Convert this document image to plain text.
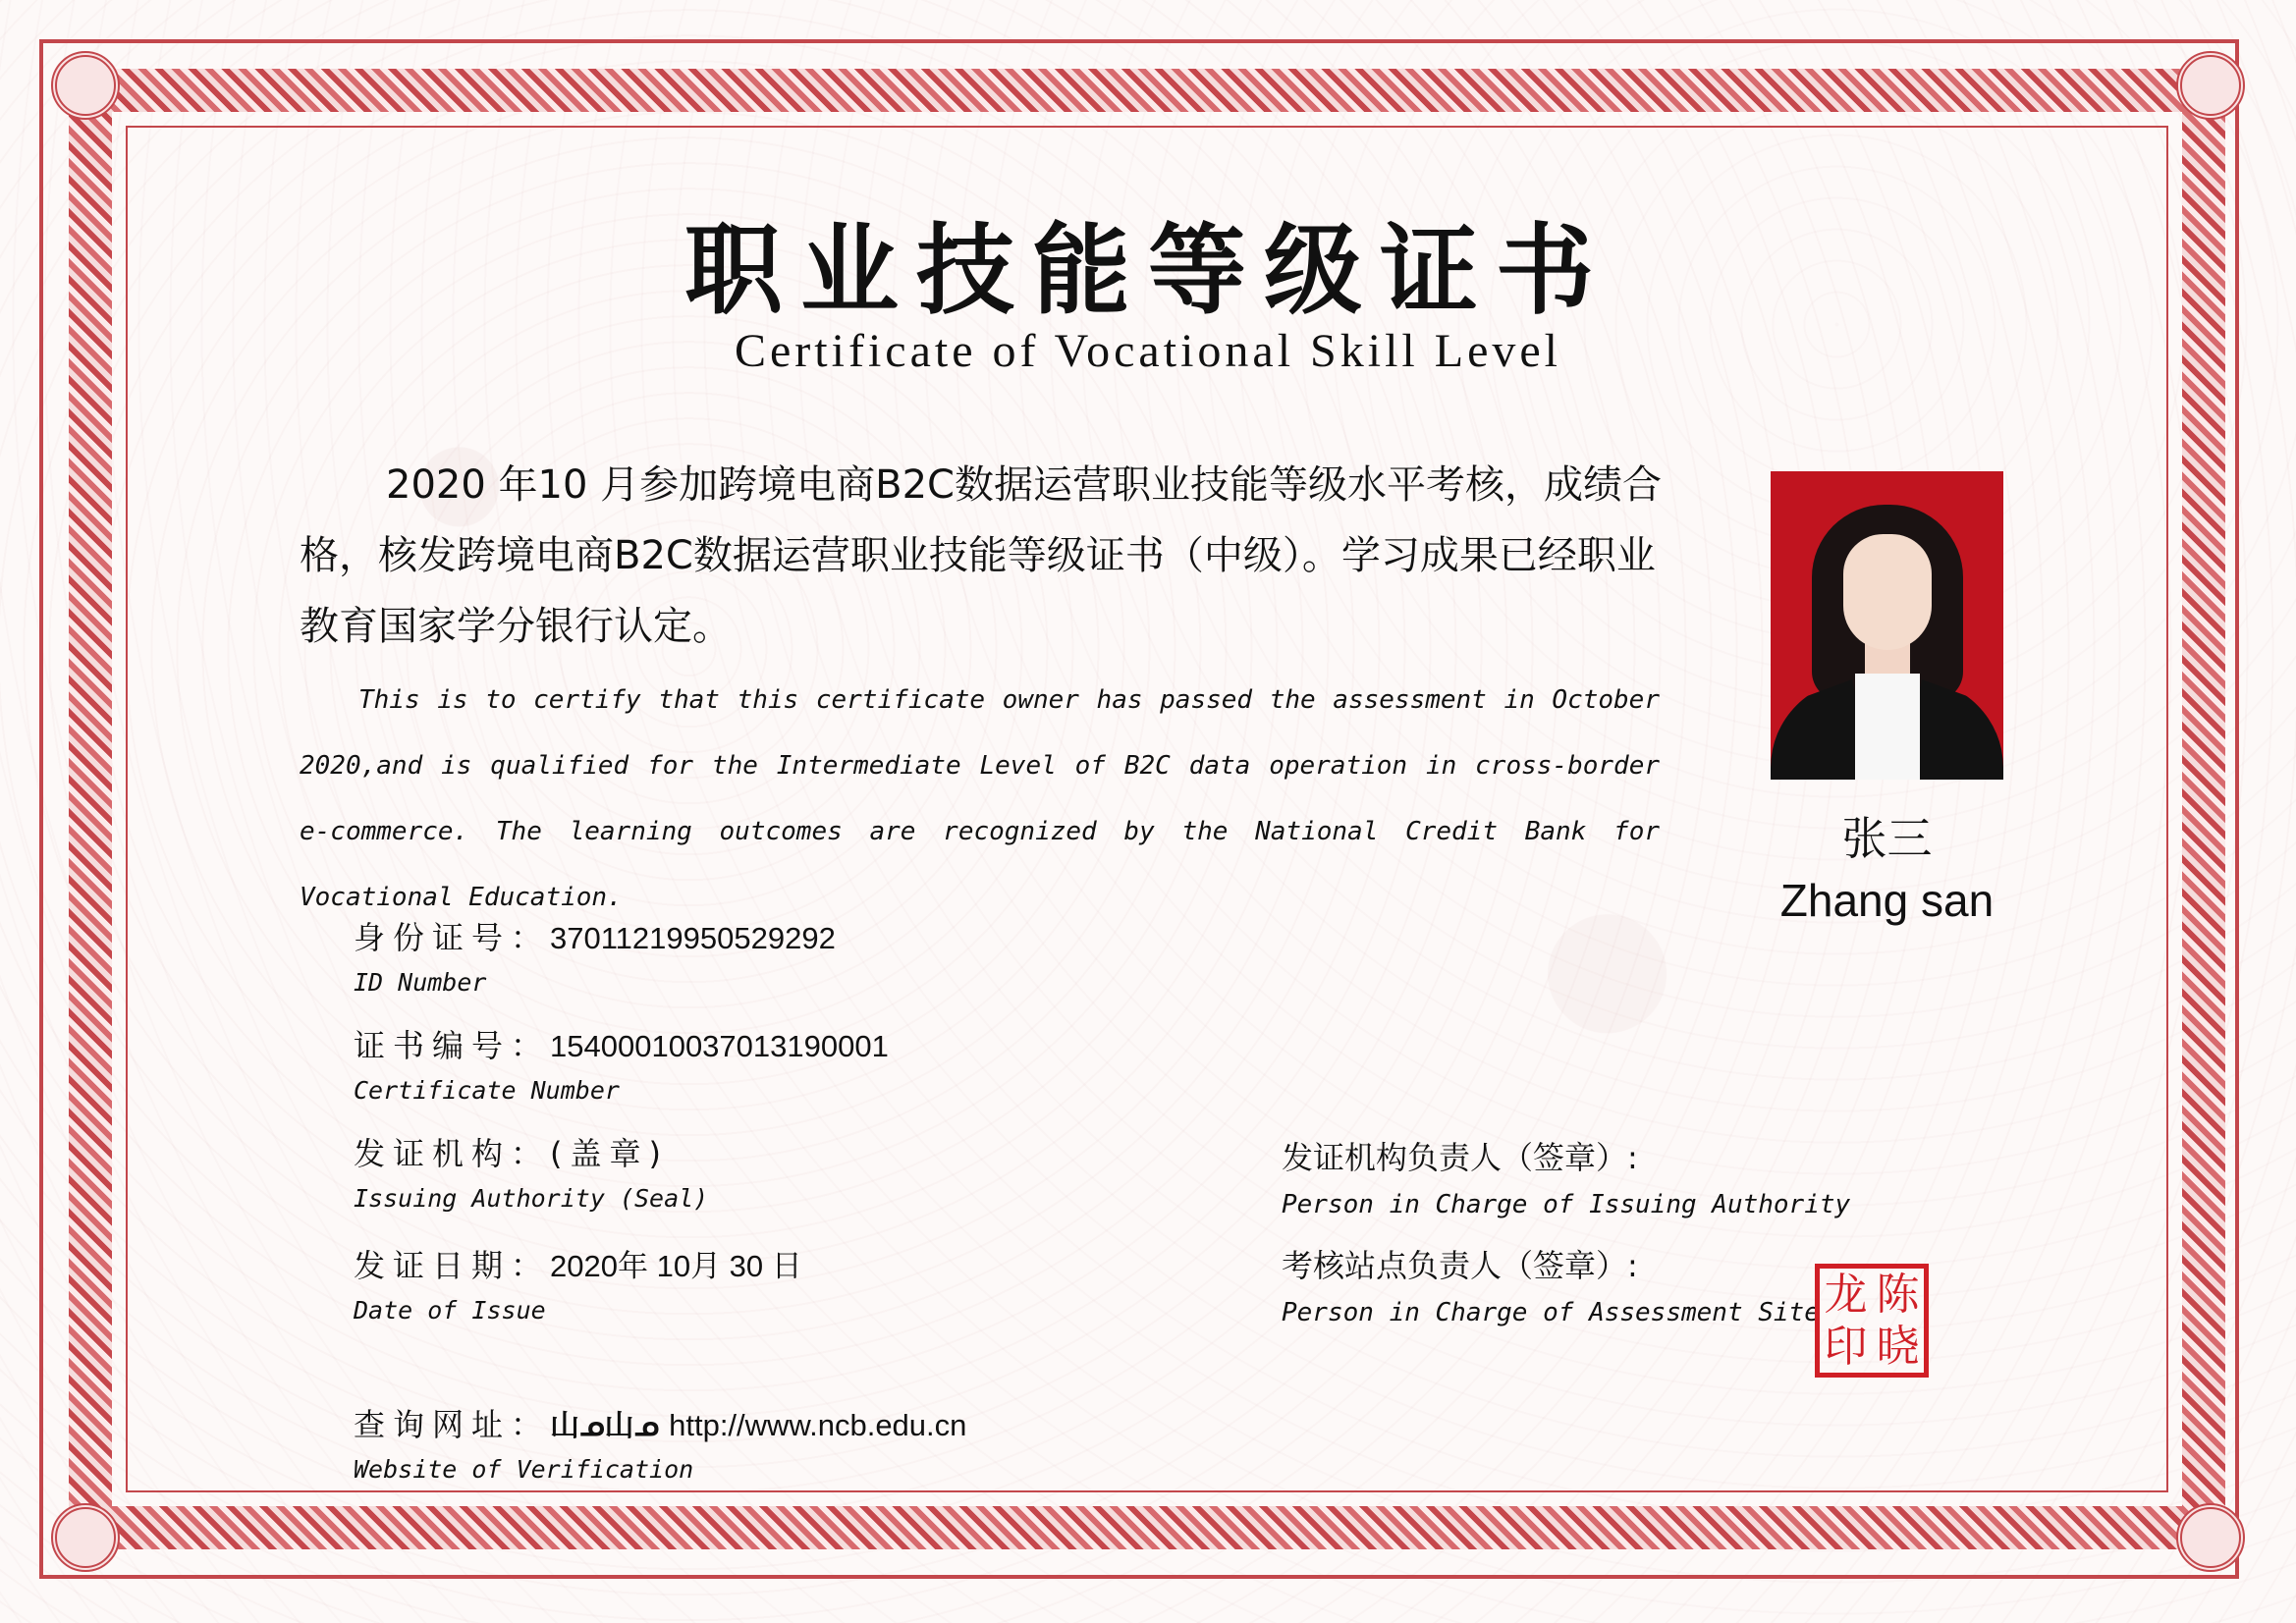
职业技能等级证书
Certificate of Vocational Skill Level
2020 年10 月参加跨境电商B2C数据运营职业技能等级水平考核，成绩合格，核发跨境电商B2C数据运营职业技能等级证书（中级）。学习成果已经职业教育国家学分银行认定。
This is to certify that this certificate owner has passed the assessment in October 2020,and is qualified for the Intermediate Level of B2C data operation in cross-border e-commerce. The learning outcomes are recognized by the National Credit Bank for Vocational Education.
张三
Zhang san
身份证号：37011219950529292
ID Number
证书编号：15400010037013190001
Certificate Number
发证机构：(盖章)
Issuing Authority (Seal)
发证日期：2020年 10月 30 日
Date of Issue
查询网址：山ᓄ山ᓄ http://www.ncb.edu.cn
Website of Verification
发证机构负责人（签章）:
Person in Charge of Issuing Authority
考核站点负责人（签章）:
Person in Charge of Assessment Site 龙 陈
印 晓
